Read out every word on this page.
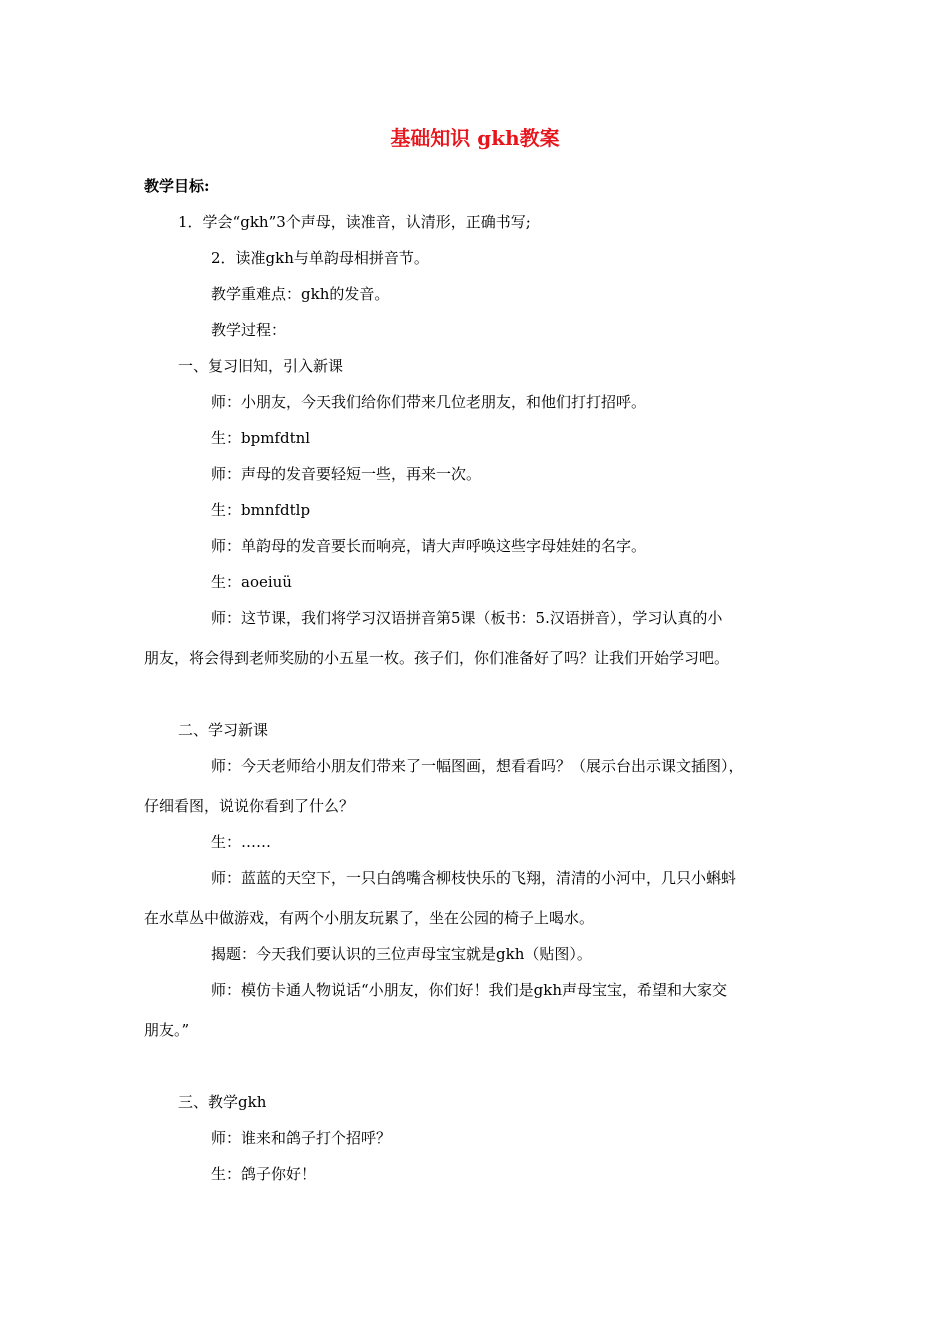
基础知识 gkh教案
教学目标:
1．学会“gkh”3个声母，读准音，认清形，正确书写;
2．读准gkh与单韵母相拼音节。
教学重难点：gkh的发音。
教学过程：
一、复习旧知，引入新课
师：小朋友，今天我们给你们带来几位老朋友，和他们打打招呼。
生：bpmfdtnl
师：声母的发音要轻短一些，再来一次。
生：bmnfdtlp
师：单韵母的发音要长而响亮，请大声呼唤这些字母娃娃的名字。
生：aoeiuü
师：这节课，我们将学习汉语拼音第5课（板书：5.汉语拼音），学习认真的小
朋友，将会得到老师奖励的小五星一枚。孩子们，你们准备好了吗？让我们开始学习吧。
二、学习新课
师：今天老师给小朋友们带来了一幅图画，想看看吗？（展示台出示课文插图），
仔细看图，说说你看到了什么？
生：……
师：蓝蓝的天空下，一只白鸽嘴含柳枝快乐的飞翔，清清的小河中，几只小蝌蚪
在水草丛中做游戏，有两个小朋友玩累了，坐在公园的椅子上喝水。
揭题：今天我们要认识的三位声母宝宝就是gkh（贴图）。
师：模仿卡通人物说话“小朋友，你们好！我们是gkh声母宝宝，希望和大家交
朋友。”
三、教学gkh
师：谁来和鸽子打个招呼？
生：鸽子你好！
